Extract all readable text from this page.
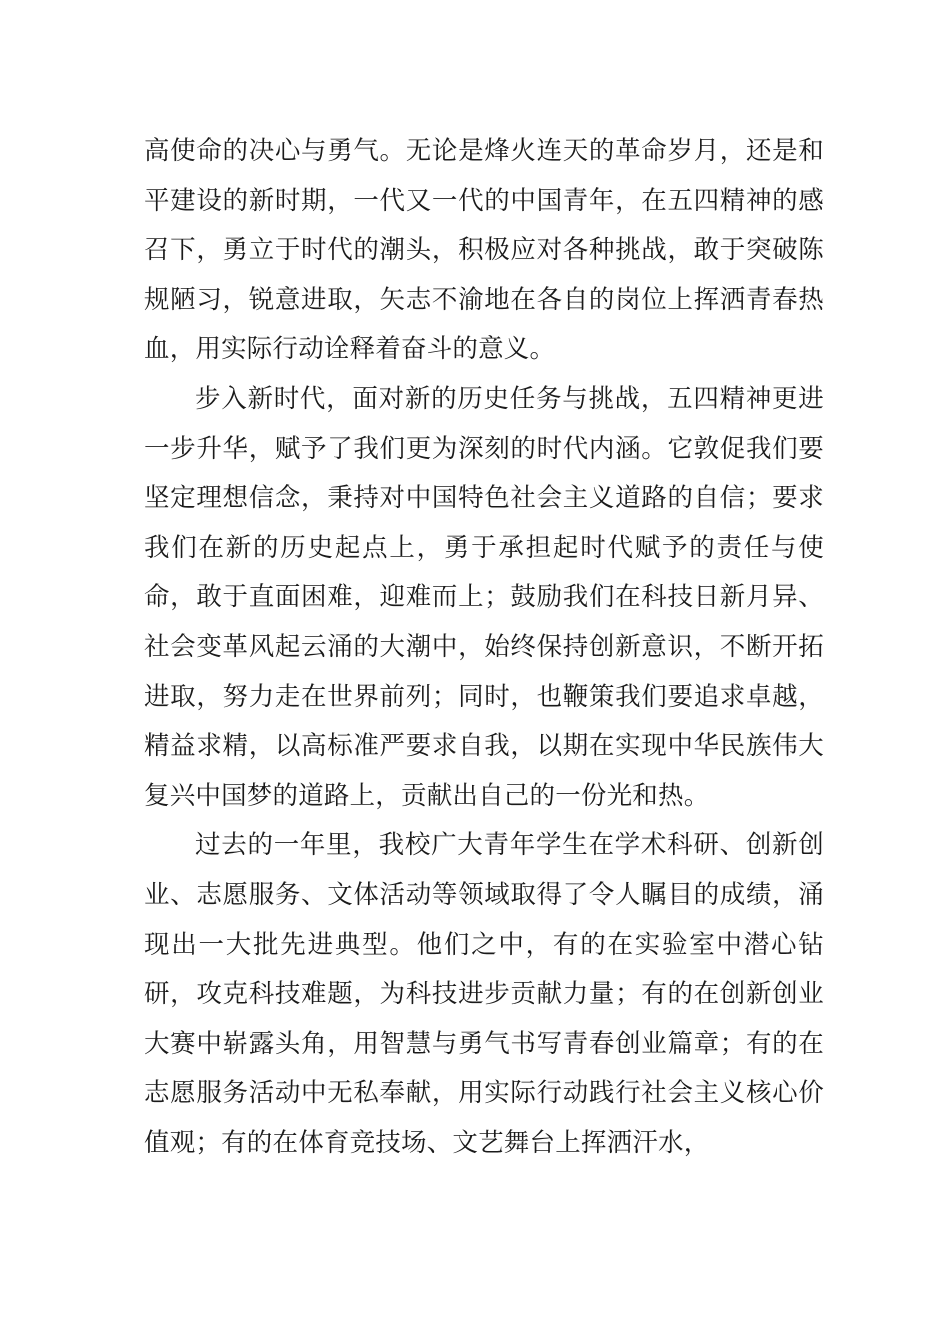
高使命的决心与勇气。无论是烽火连天的革命岁月，还是和平建设的新时期，一代又一代的中国青年，在五四精神的感召下，勇立于时代的潮头，积极应对各种挑战，敢于突破陈规陋习，锐意进取，矢志不渝地在各自的岗位上挥洒青春热血，用实际行动诠释着奋斗的意义。

步入新时代，面对新的历史任务与挑战，五四精神更进一步升华，赋予了我们更为深刻的时代内涵。它敦促我们要坚定理想信念，秉持对中国特色社会主义道路的自信；要求我们在新的历史起点上，勇于承担起时代赋予的责任与使命，敢于直面困难，迎难而上；鼓励我们在科技日新月异、社会变革风起云涌的大潮中，始终保持创新意识，不断开拓进取，努力走在世界前列；同时，也鞭策我们要追求卓越，精益求精，以高标准严要求自我，以期在实现中华民族伟大复兴中国梦的道路上，贡献出自己的一份光和热。

过去的一年里，我校广大青年学生在学术科研、创新创业、志愿服务、文体活动等领域取得了令人瞩目的成绩，涌现出一大批先进典型。他们之中，有的在实验室中潜心钻研，攻克科技难题，为科技进步贡献力量；有的在创新创业大赛中崭露头角，用智慧与勇气书写青春创业篇章；有的在志愿服务活动中无私奉献，用实际行动践行社会主义核心价值观；有的在体育竞技场、文艺舞台上挥洒汗水，
